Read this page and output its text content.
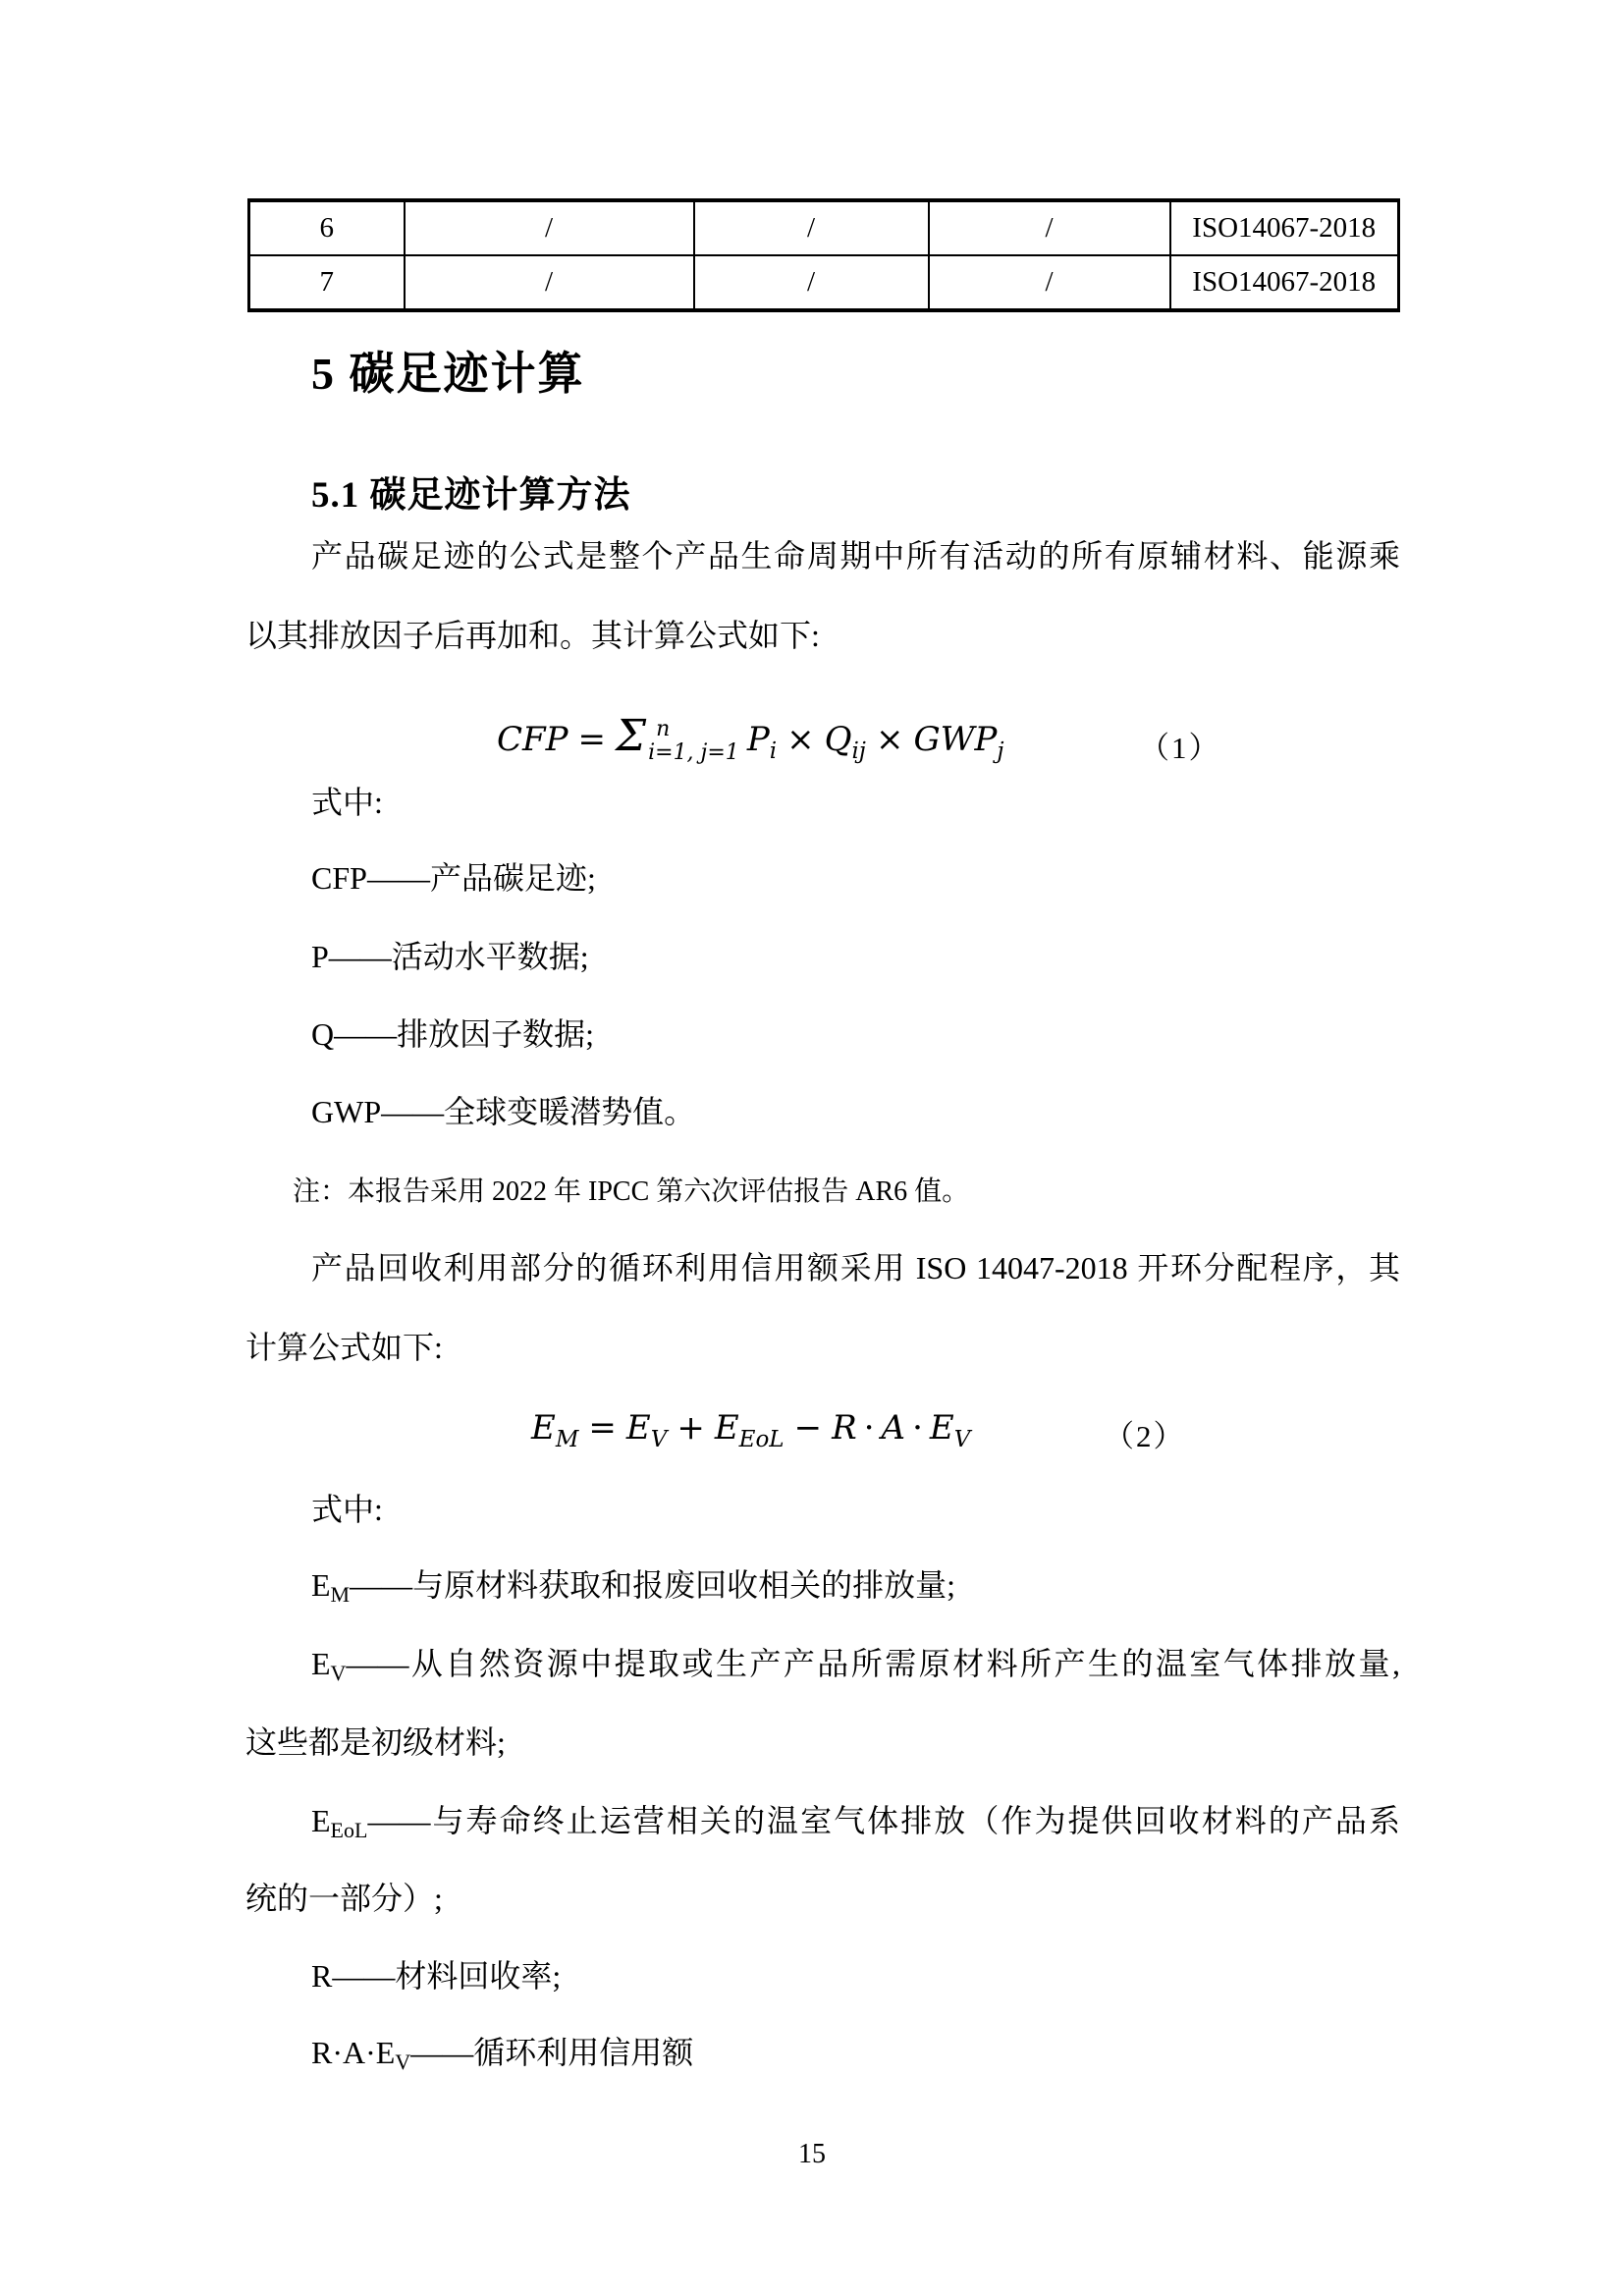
6	/	/	/	ISO14067-2018
7	/	/	/	ISO14067-2018
5 碳足迹计算
5.1 碳足迹计算方法
产品碳足迹的公式是整个产品生命周期中所有活动的所有原辅材料、能源乘
以其排放因子后再加和。其计算公式如下:
CFP = Σ n
i=1, j=1 $P_i \times Q_{ij} \times GWP_j$	（1）
式中:
CFP——产品碳足迹;
P——活动水平数据;
Q——排放因子数据;
GWP——全球变暖潜势值。
注：本报告采用 2022 年 IPCC 第六次评估报告 AR6 值。
产品回收利用部分的循环利用信用额采用 ISO 14047-2018 开环分配程序，其
计算公式如下:
$E_M = E_V + E_{EoL} - R \cdot A \cdot E_V$	（2）
式中:
EM——与原材料获取和报废回收相关的排放量;
EV——从自然资源中提取或生产产品所需原材料所产生的温室气体排放量,
这些都是初级材料;
EEoL——与寿命终止运营相关的温室气体排放（作为提供回收材料的产品系
统的一部分）;
R——材料回收率;
R·A·EV——循环利用信用额
15
